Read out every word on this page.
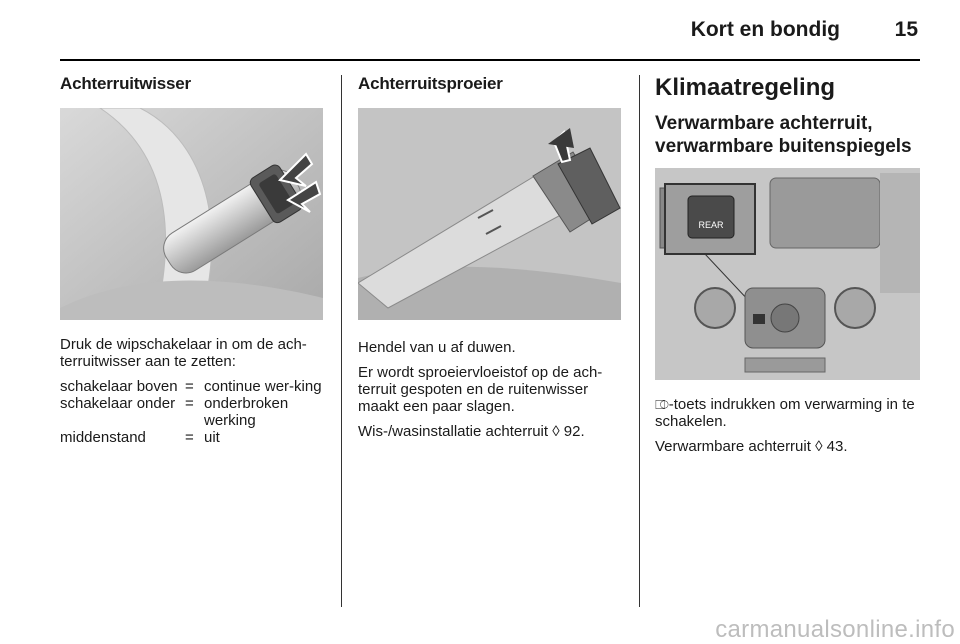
Kort en bondig	15
Achterruitwisser
Druk de wipschakelaar in om de ach-terruitwisser aan te zetten:
schakelaar boven	=	continue wer-king
schakelaar onder	=	onderbroken werking
middenstand	=	uit
Achterruitsproeier
Hendel van u af duwen.
Er wordt sproeiervloeistof op de ach-terruit gespoten en de ruitenwisser maakt een paar slagen.
Wis-/wasinstallatie achterruit ◊ 92.
Klimaatregeling
Verwarmbare achterruit, verwarmbare buitenspiegels
REAR
⎄-toets indrukken om verwarming in te schakelen.
Verwarmbare achterruit ◊ 43.
carmanualsonline.info
